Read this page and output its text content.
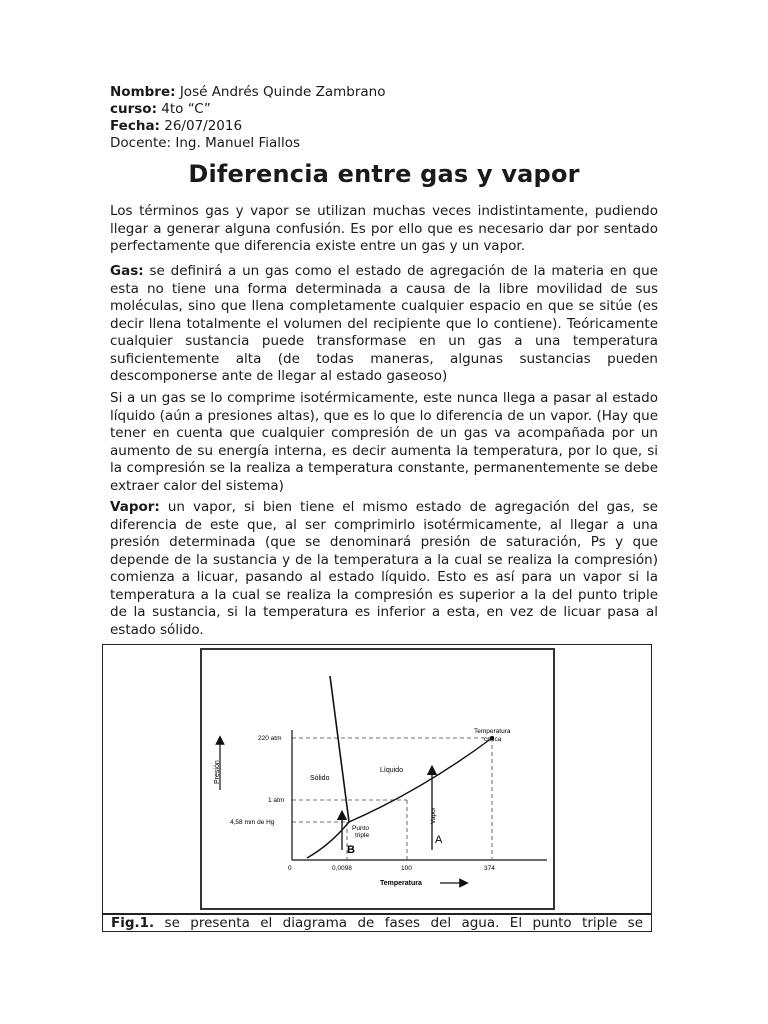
Nombre: José Andrés Quinde Zambrano
curso: 4to “C”
Fecha: 26/07/2016
Docente: Ing. Manuel Fiallos
Diferencia entre gas y vapor
Los términos gas y vapor se utilizan muchas veces indistintamente, pudiendo llegar a generar alguna confusión. Es por ello que es necesario dar por sentado perfectamente que diferencia existe entre un gas y un vapor.
Gas: se definirá a un gas como el estado de agregación de la materia en que esta no tiene una forma determinada a causa de la libre movilidad de sus moléculas, sino que llena completamente cualquier espacio en que se sitúe (es decir llena totalmente el volumen del recipiente que lo contiene). Teóricamente cualquier sustancia puede transformase en un gas a una temperatura suficientemente alta (de todas maneras, algunas sustancias pueden descomponerse ante de llegar al estado gaseoso)
Si a un gas se lo comprime isotérmicamente, este nunca llega a pasar al estado líquido (aún a presiones altas), que es lo que lo diferencia de un vapor. (Hay que tener en cuenta que cualquier compresión de un gas va acompañada por un aumento de su energía interna, es decir aumenta la temperatura, por lo que, si la compresión se la realiza a temperatura constante, permanentemente se debe extraer calor del sistema)
Vapor: un vapor, si bien tiene el mismo estado de agregación del gas, se diferencia de este que, al ser comprimirlo isotérmicamente, al llegar a una presión determinada (que se denominará presión de saturación, Ps y que depende de la sustancia y de la temperatura a la cual se realiza la compresión) comienza a licuar, pasando al estado líquido. Esto es así para un vapor si la temperatura a la cual se realiza la compresión es superior a la del punto triple de la sustancia, si la temperatura es inferior a esta, en vez de licuar pasa al estado sólido.
Presión
Temperatura
220 atm
1 atm
4,58 mm de Hg
0	0,0098	100	374
Sólido
Líquido
Vapor
Temperatura
crítica
Punto
triple	A
B
Fig.1. se presenta el diagrama de fases del agua. El punto triple se
